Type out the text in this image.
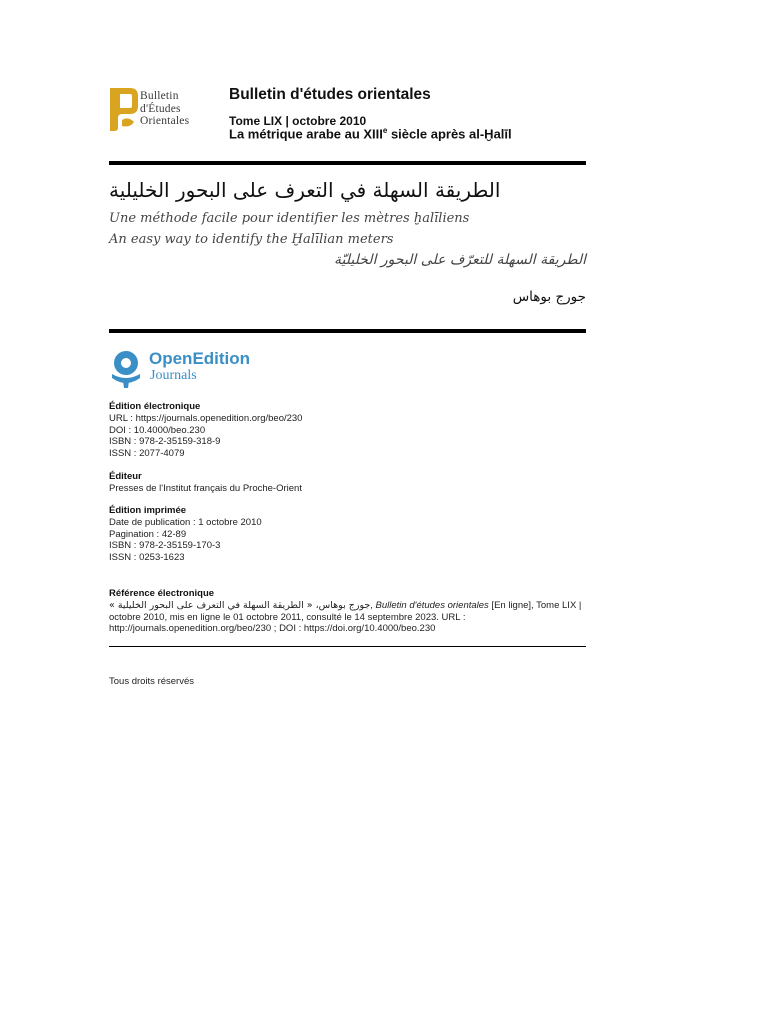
Bulletin
d'Études
Orientales
Bulletin d'études orientales
Tome LIX | octobre 2010
La métrique arabe au XIIIe siècle après al-Ḫalīl
الطريقة السهلة في التعرف على البحور الخليلية
Une méthode facile pour identifier les mètres ḫalīliens
An easy way to identify the Ḫalīlian meters
الطريقة السهلة للتعرّف على البحور الخليليّة
جورج بوهاس
OpenEdition
Journals
Édition électronique
URL : https://journals.openedition.org/beo/230
DOI : 10.4000/beo.230
ISBN : 978-2-35159-318-9
ISSN : 2077-4079
Éditeur
Presses de l'Institut français du Proche-Orient
Édition imprimée
Date de publication : 1 octobre 2010
Pagination : 42-89
ISBN : 978-2-35159-170-3
ISSN : 0253-1623
Référence électronique
جورج بوهاس، « الطريقة السهلة في التعرف على البحور الخليلية », Bulletin d'études orientales [En ligne], Tome LIX | octobre 2010, mis en ligne le 01 octobre 2011, consulté le 14 septembre 2023. URL : http://journals.openedition.org/beo/230 ; DOI : https://doi.org/10.4000/beo.230
Tous droits réservés
